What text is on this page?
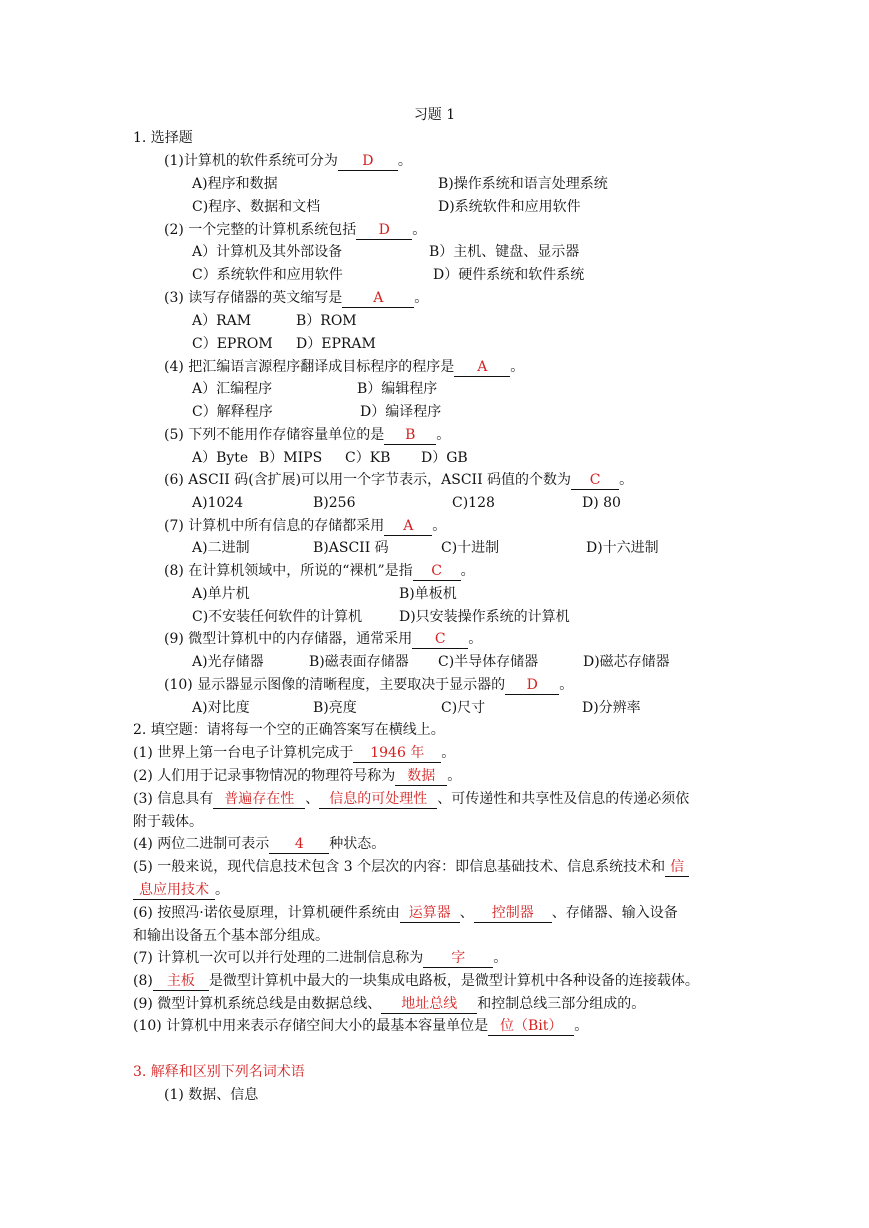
习题 1
1. 选择题
(1)计算机的软件系统可分为 D 。
A)程序和数据	B)操作系统和语言处理系统
C)程序、数据和文档	D)系统软件和应用软件
(2) 一个完整的计算机系统包括 D 。
A）计算机及其外部设备	B）主机、键盘、显示器
C）系统软件和应用软件	D）硬件系统和软件系统
(3) 读写存储器的英文缩写是 A 。
A）RAM	B）ROM
C）EPROM D）EPRAM
(4) 把汇编语言源程序翻译成目标程序的程序是 A 。
A）汇编程序	B）编辑程序
C）解释程序	D）编译程序
(5) 下列不能用作存储容量单位的是 B 。
A）Byte B）MIPS C）KB D）GB
(6) ASCII 码(含扩展)可以用一个字节表示，ASCII 码值的个数为 C 。
A)1024	B)256	C)128	D) 80
(7) 计算机中所有信息的存储都采用 A 。
A)二进制	B)ASCII 码	C)十进制	D)十六进制
(8) 在计算机领域中，所说的“裸机”是指 C 。
A)单片机	B)单板机
C)不安装任何软件的计算机	D)只安装操作系统的计算机
(9) 微型计算机中的内存储器，通常采用 C 。
A)光存储器	B)磁表面存储器 C)半导体存储器	D)磁芯存储器
(10) 显示器显示图像的清晰程度，主要取决于显示器的 D 。
A)对比度	B)亮度	C)尺寸	D)分辨率
2. 填空题：请将每一个空的正确答案写在横线上。
(1) 世界上第一台电子计算机完成于 1946 年 。
(2) 人们用于记录事物情况的物理符号称为 数据 。
(3) 信息具有 普遍存在性 、 信息的可处理性 、可传递性和共享性及信息的传递必须依
附于载体。
(4) 两位二进制可表示 4 种状态。
(5) 一般来说，现代信息技术包含 3 个层次的内容：即信息基础技术、信息系统技术和 信
息应用技术 。
(6) 按照冯·诺依曼原理，计算机硬件系统由 运算器 、 控制器 、存储器、输入设备
和输出设备五个基本部分组成。
(7) 计算机一次可以并行处理的二进制信息称为 字 。
(8) 主板 是微型计算机中最大的一块集成电路板，是微型计算机中各种设备的连接载体。
(9) 微型计算机系统总线是由数据总线、 地址总线 和控制总线三部分组成的。
(10) 计算机中用来表示存储空间大小的最基本容量单位是 位（Bit） 。
3. 解释和区别下列名词术语
(1) 数据、信息
